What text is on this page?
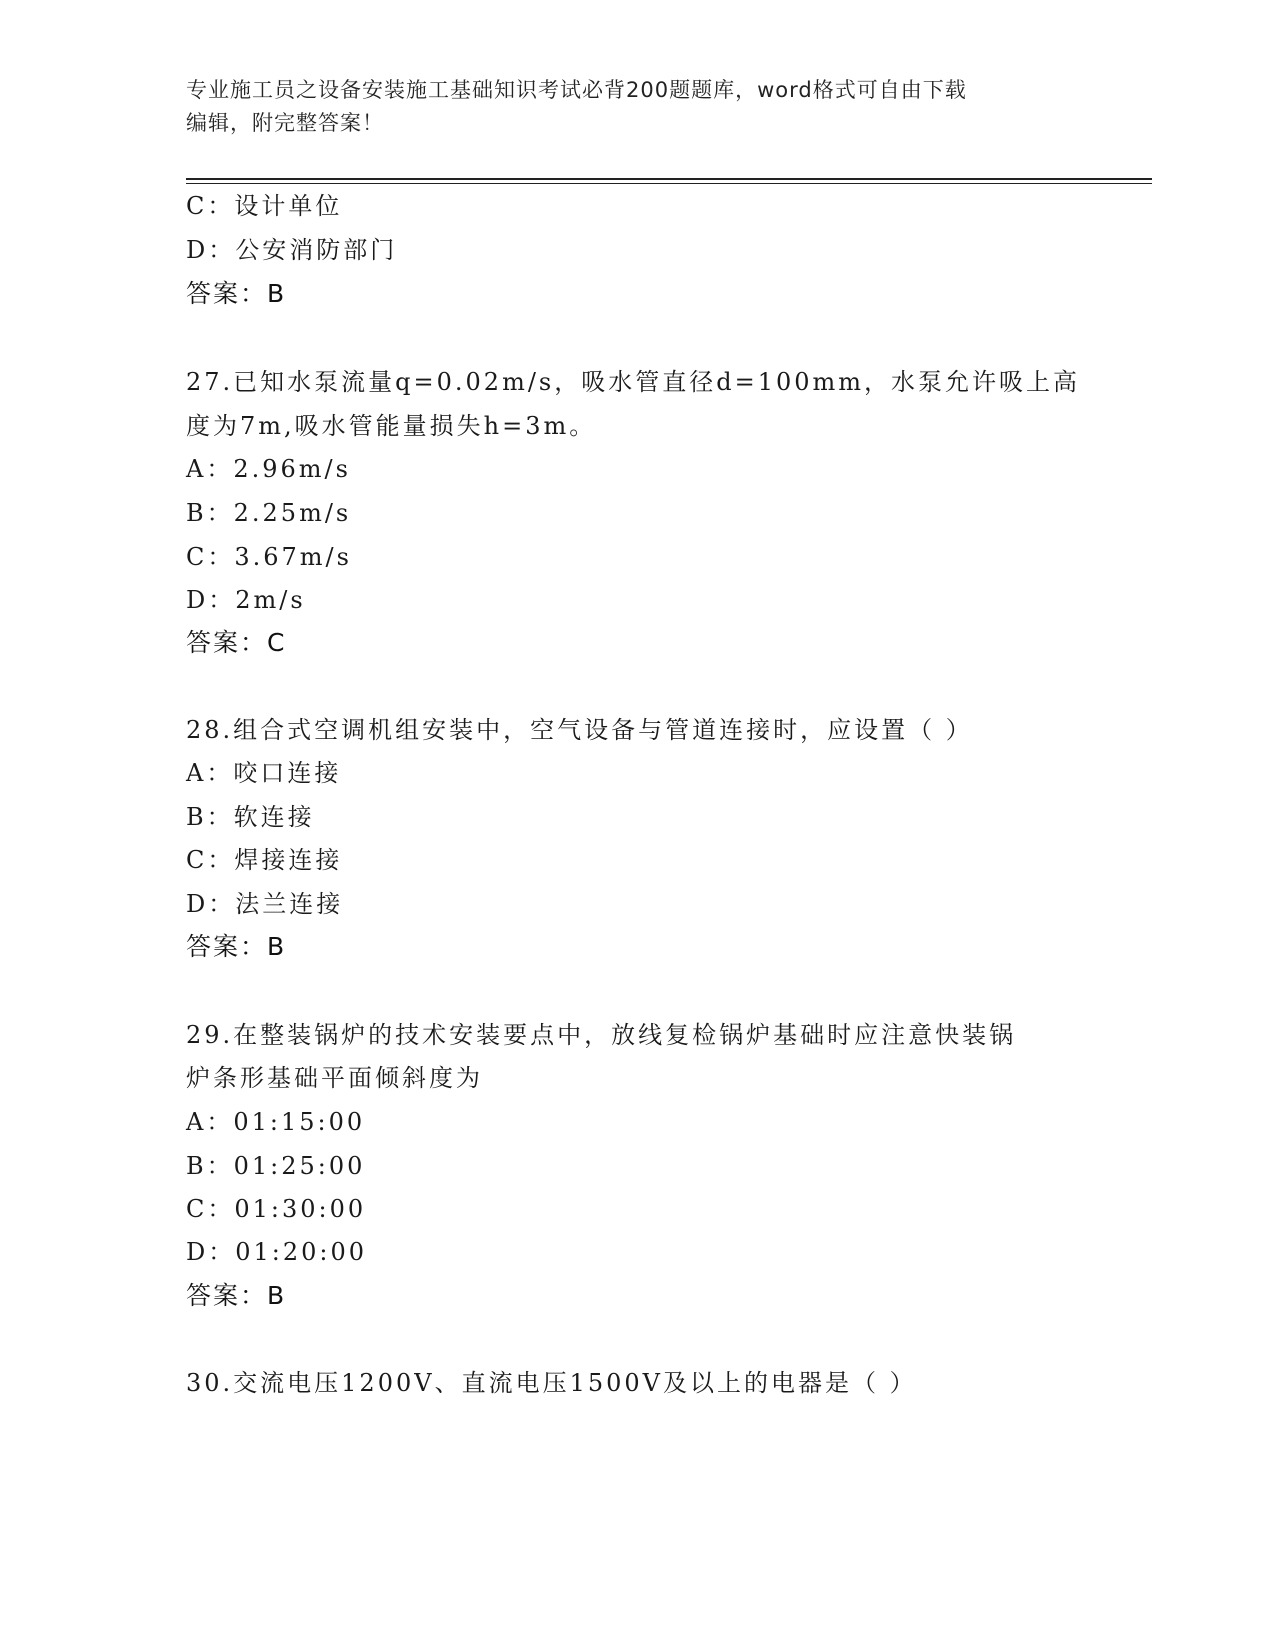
专业施工员之设备安装施工基础知识考试必背200题题库，word格式可自由下载
编辑，附完整答案！
C：设计单位
D：公安消防部门
答案：B
27.已知水泵流量q=0.02m/s，吸水管直径d=100mm，水泵允许吸上高
度为7m,吸水管能量损失h=3m。
A：2.96m/s
B：2.25m/s
C：3.67m/s
D：2m/s
答案：C
28.组合式空调机组安装中，空气设备与管道连接时，应设置（ ）
A：咬口连接
B：软连接
C：焊接连接
D：法兰连接
答案：B
29.在整装锅炉的技术安装要点中，放线复检锅炉基础时应注意快装锅
炉条形基础平面倾斜度为
A：01:15:00
B：01:25:00
C：01:30:00
D：01:20:00
答案：B
30.交流电压1200V、直流电压1500V及以上的电器是（ ）
